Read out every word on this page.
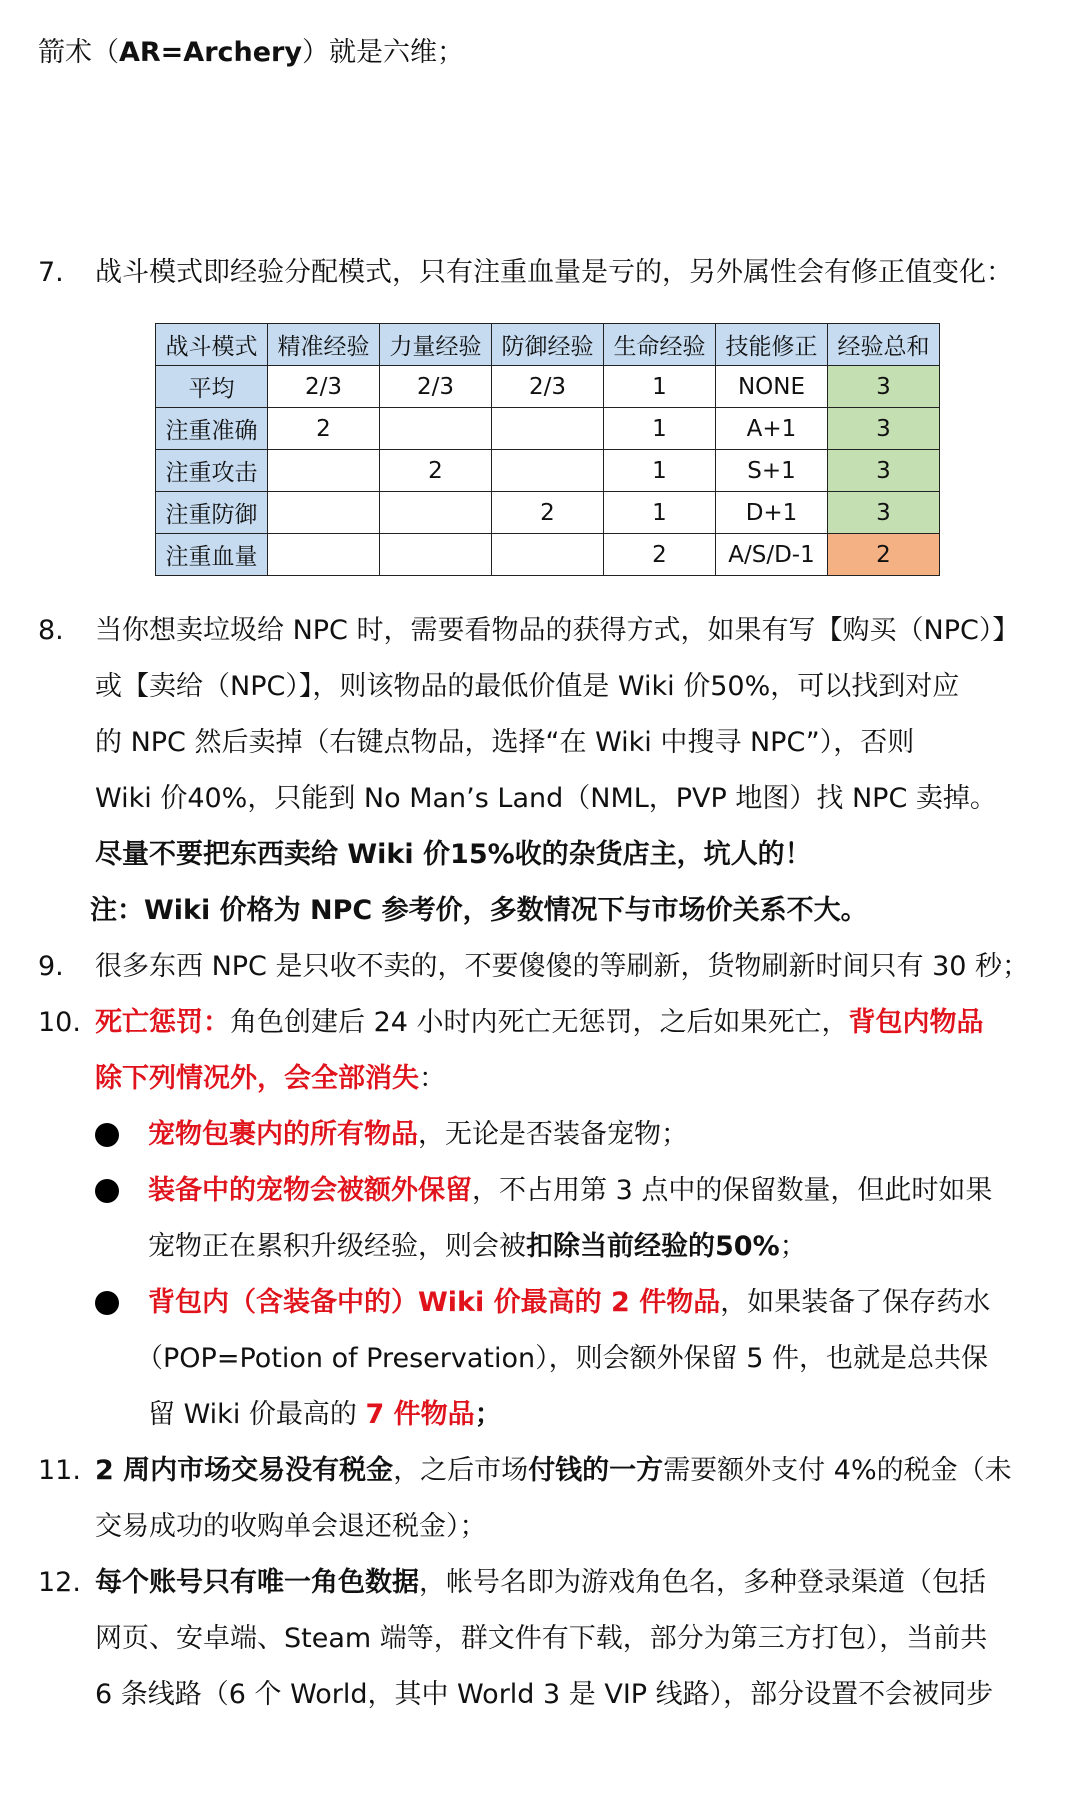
箭术（AR=Archery）就是六维；

7.	战斗模式即经验分配模式，只有注重血量是亏的，另外属性会有修正值变化：

战斗模式	精准经验	力量经验	防御经验	生命经验	技能修正	经验总和
平均	2/3	2/3	2/3	1	NONE	3
注重准确	2			1	A+1	3
注重攻击		2		1	S+1	3
注重防御			2	1	D+1	3
注重血量				2	A/S/D-1	2

8.	当你想卖垃圾给 NPC 时，需要看物品的获得方式，如果有写【购买（NPC）】

或【卖给（NPC）】，则该物品的最低价值是 Wiki 价50%，可以找到对应

的 NPC 然后卖掉（右键点物品，选择“在 Wiki 中搜寻 NPC”），否则

Wiki 价40%，只能到 No Man’s Land（NML，PVP 地图）找 NPC 卖掉。

尽量不要把东西卖给 Wiki 价15%收的杂货店主，坑人的！

注：Wiki 价格为 NPC 参考价，多数情况下与市场价关系不大。

9.	很多东西 NPC 是只收不卖的，不要傻傻的等刷新，货物刷新时间只有 30 秒；

10. 死亡惩罚：角色创建后 24 小时内死亡无惩罚，之后如果死亡，背包内物品

除下列情况外，会全部消失：

宠物包裹内的所有物品，无论是否装备宠物；

装备中的宠物会被额外保留，不占用第 3 点中的保留数量，但此时如果

宠物正在累积升级经验，则会被扣除当前经验的50%；

背包内（含装备中的）Wiki 价最高的 2 件物品，如果装备了保存药水

（POP=Potion of Preservation），则会额外保留 5 件，也就是总共保

留 Wiki 价最高的 7 件物品；

11. 2 周内市场交易没有税金，之后市场付钱的一方需要额外支付 4%的税金（未

交易成功的收购单会退还税金）；

12. 每个账号只有唯一角色数据，帐号名即为游戏角色名，多种登录渠道（包括

网页、安卓端、Steam 端等，群文件有下载，部分为第三方打包），当前共

6 条线路（6 个 World，其中 World 3 是 VIP 线路），部分设置不会被同步
